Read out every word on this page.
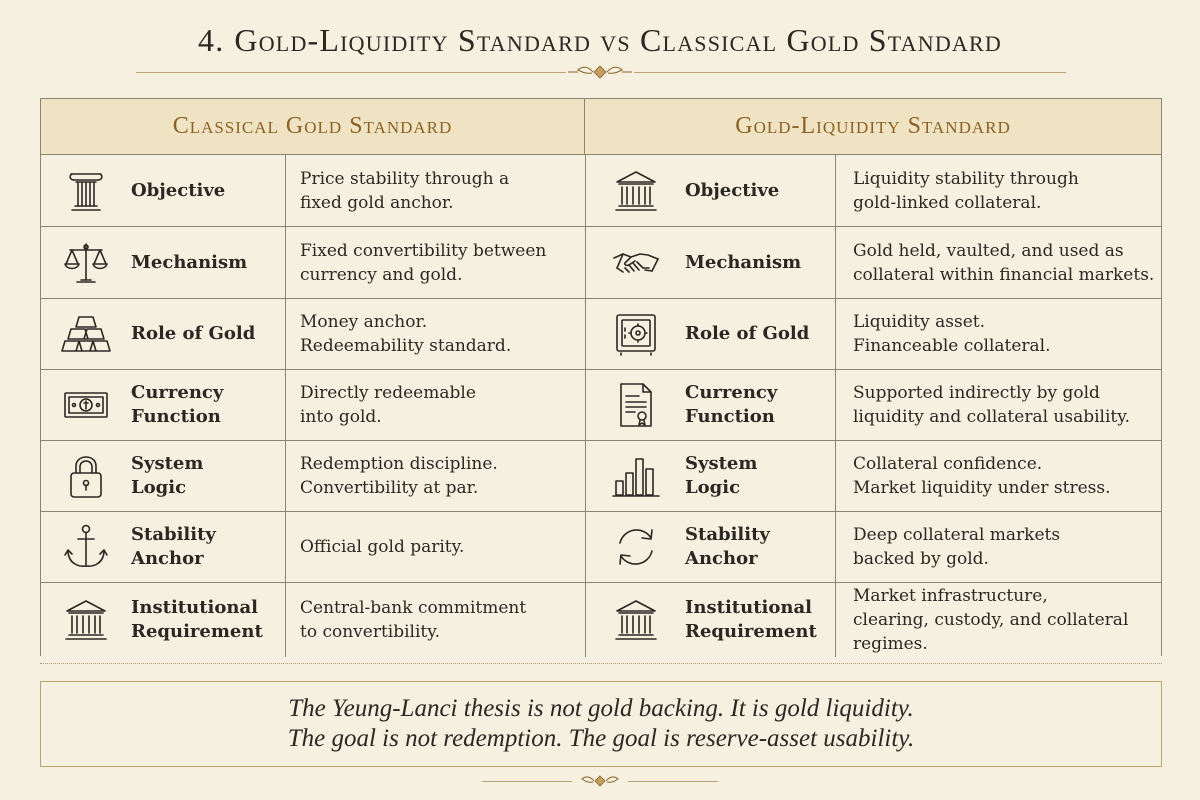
4. Gold-Liquidity Standard vs Classical Gold Standard
Classical Gold Standard	Gold-Liquidity Standard
Objective
Price stability through a
fixed gold anchor.
Objective
Liquidity stability through
gold-linked collateral.
Mechanism
Fixed convertibility between
currency and gold.
Mechanism
Gold held, vaulted, and used as
collateral within financial markets.
Role of Gold
Money anchor.
Redeemability standard.
Role of Gold
Liquidity asset.
Financeable collateral.
Currency
Function
Directly redeemable
into gold.
Currency
Function
Supported indirectly by gold
liquidity and collateral usability.
System
Logic
Redemption discipline.
Convertibility at par.
System
Logic
Collateral confidence.
Market liquidity under stress.
Stability
Anchor
Official gold parity.
Stability
Anchor
Deep collateral markets
backed by gold.
Institutional
Requirement
Central-bank commitment
to convertibility.
Institutional
Requirement
Market infrastructure,
clearing, custody, and collateral
regimes.
The Yeung-Lanci thesis is not gold backing. It is gold liquidity.
The goal is not redemption. The goal is reserve-asset usability.
